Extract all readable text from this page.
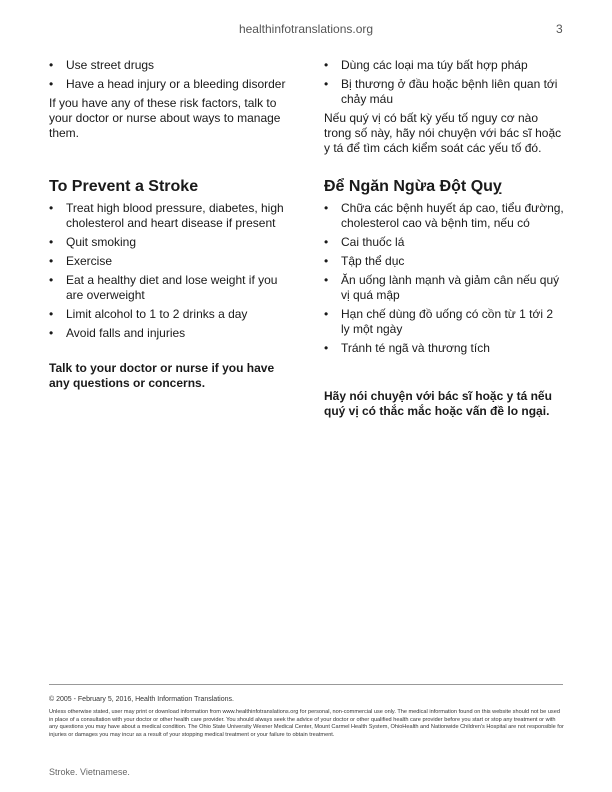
healthinfotranslations.org	3
• Use street drugs
• Have a head injury or a bleeding disorder

If you have any of these risk factors, talk to your doctor or nurse about ways to manage them.

To Prevent a Stroke
• Treat high blood pressure, diabetes, high cholesterol and heart disease if present
• Quit smoking
• Exercise
• Eat a healthy diet and lose weight if you are overweight
• Limit alcohol to 1 to 2 drinks a day
• Avoid falls and injuries
Talk to your doctor or nurse if you have any questions or concerns.
• Dùng các loại ma túy bất hợp pháp
• Bị thương ở đầu hoặc bệnh liên quan tới chảy máu

Nếu quý vị có bất kỳ yếu tố nguy cơ nào trong số này, hãy nói chuyện với bác sĩ hoặc y tá để tìm cách kiểm soát các yếu tố đó.

Để Ngăn Ngừa Đột Quỵ
• Chữa các bệnh huyết áp cao, tiểu đường, cholesterol cao và bệnh tim, nếu có
• Cai thuốc lá
• Tập thể dục
• Ăn uống lành mạnh và giảm cân nếu quý vị quá mập
• Hạn chế dùng đồ uống có cồn từ 1 tới 2 ly một ngày
• Tránh té ngã và thương tích
Hãy nói chuyện với bác sĩ hoặc y tá nếu quý vị có thắc mắc hoặc vấn đề lo ngại.
© 2005 - February 5, 2016, Health Information Translations.
Unless otherwise stated, user may print or download information from www.healthinfotranslations.org for personal, non-commercial use only. The medical information found on this website should not be used in place of a consultation with your doctor or other health care provider. You should always seek the advice of your doctor or other qualified health care provider before you start or stop any treatment or with any questions you may have about a medical condition. The Ohio State University Wexner Medical Center, Mount Carmel Health System, OhioHealth and Nationwide Children's Hospital are not responsible for injuries or damages you may incur as a result of your stopping medical treatment or your failure to obtain treatment.
Stroke. Vietnamese.
